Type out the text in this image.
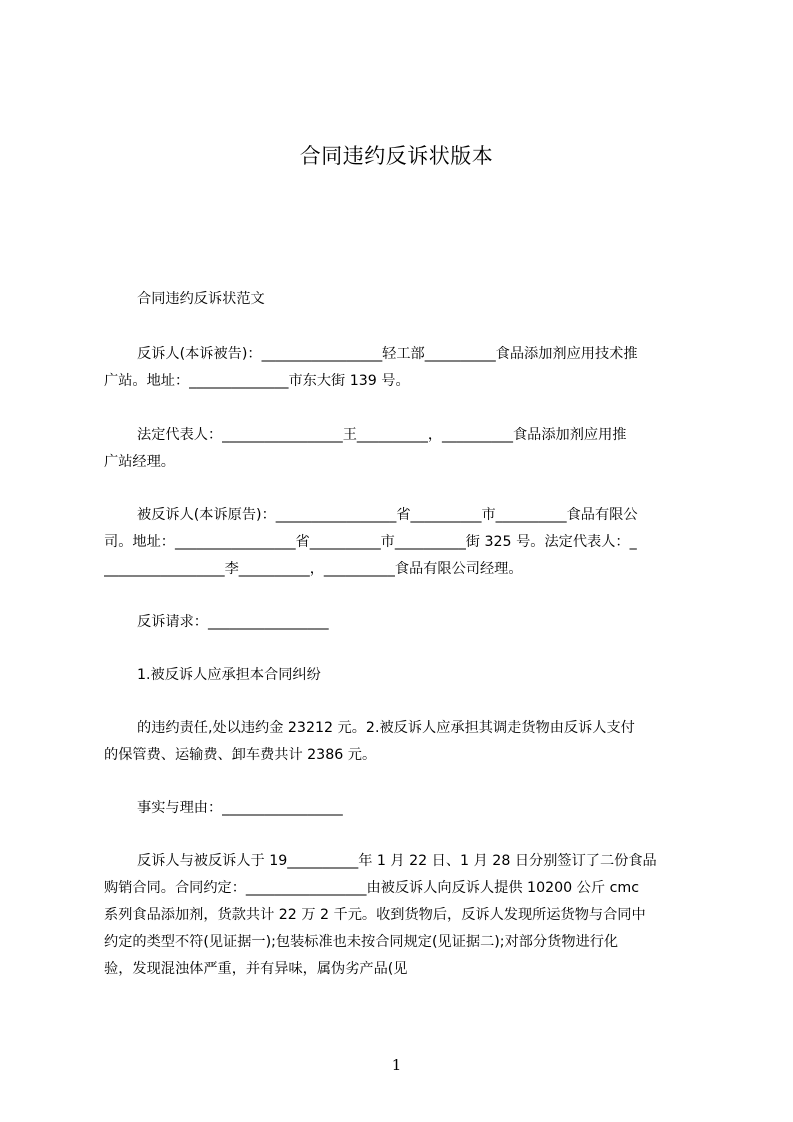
合同违约反诉状版本
合同违约反诉状范文
反诉人(本诉被告)：_________________轻工部__________食品添加剂应用技术推
广站。地址：______________市东大街 139 号。
法定代表人：_________________王__________，__________食品添加剂应用推
广站经理。
被反诉人(本诉原告)：_________________省__________市__________食品有限公
司。地址：_________________省__________市__________街 325 号。法定代表人：_
_________________李__________，__________食品有限公司经理。
反诉请求：_________________
1.被反诉人应承担本合同纠纷
的违约责任,处以违约金 23212 元。2.被反诉人应承担其调走货物由反诉人支付
的保管费、运输费、卸车费共计 2386 元。
事实与理由：_________________
反诉人与被反诉人于 19__________年 1 月 22 日、1 月 28 日分别签订了二份食品
购销合同。合同约定：_________________由被反诉人向反诉人提供 10200 公斤 cmc
系列食品添加剂，货款共计 22 万 2 千元。收到货物后，反诉人发现所运货物与合同中
约定的类型不符(见证据一);包装标准也未按合同规定(见证据二);对部分货物进行化
验，发现混浊体严重，并有异味，属伪劣产品(见
1
